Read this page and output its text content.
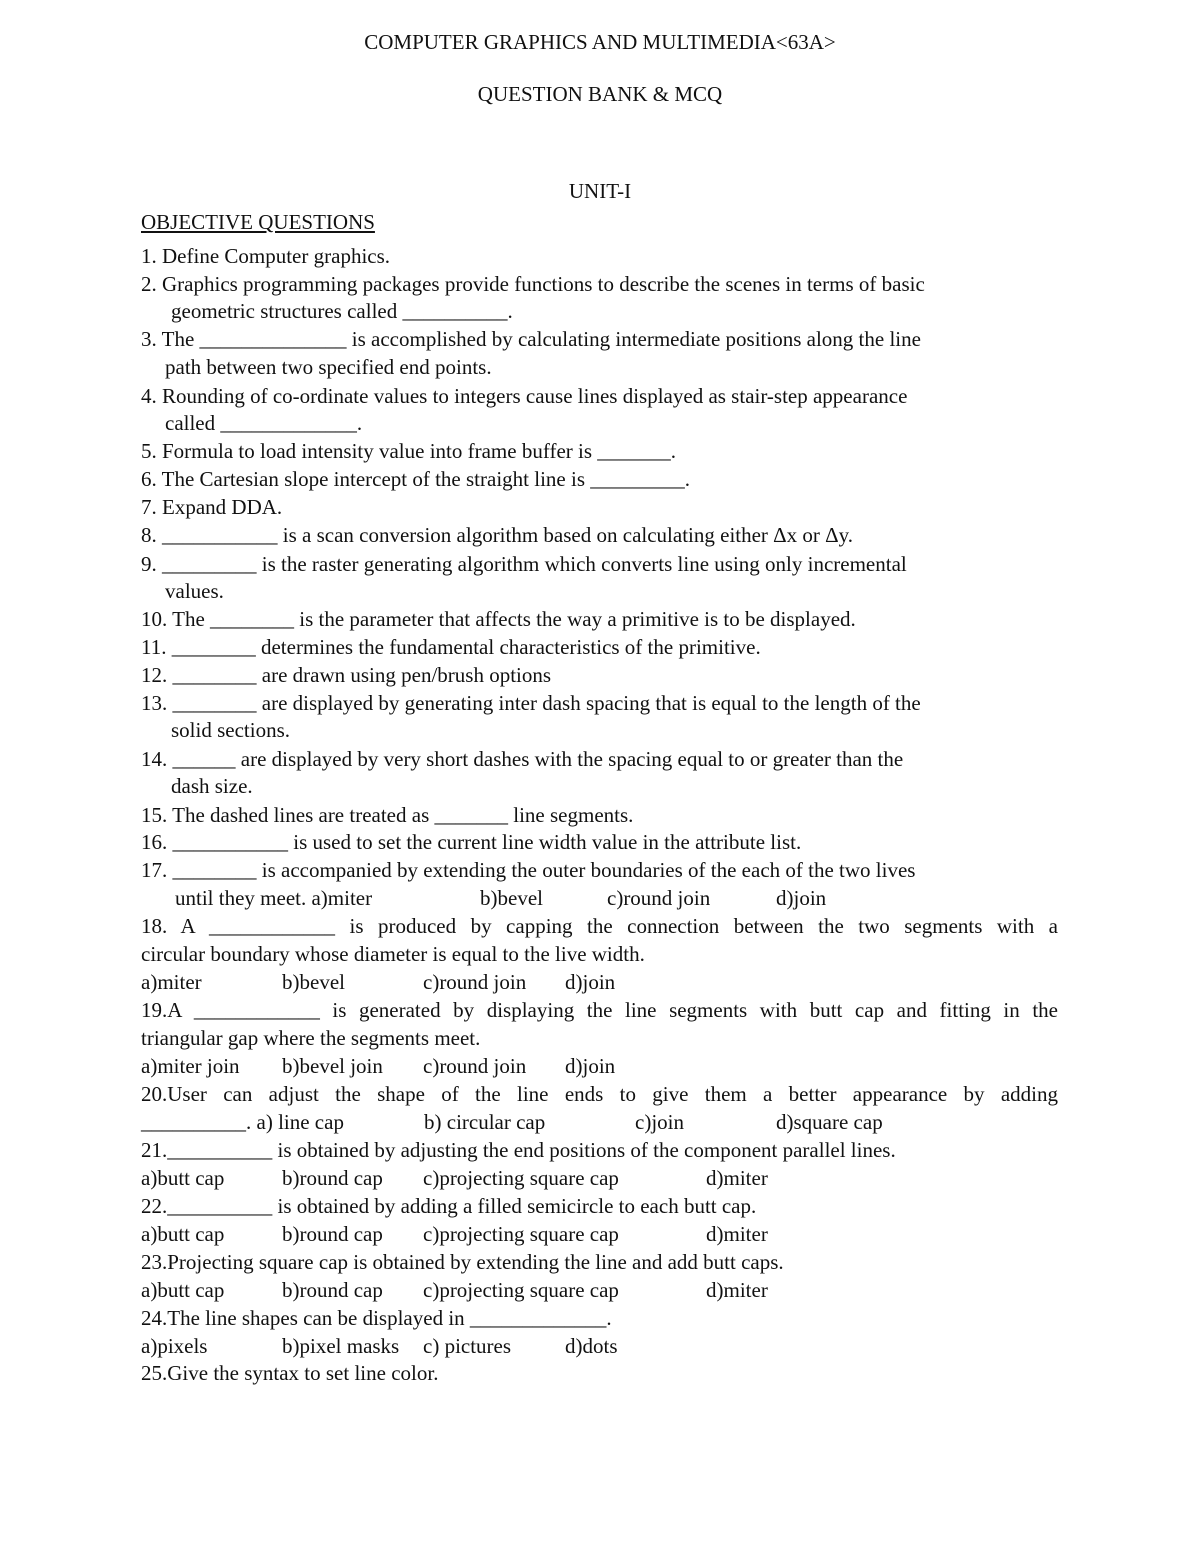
COMPUTER GRAPHICS AND MULTIMEDIA<63A>
QUESTION BANK & MCQ
UNIT-I
OBJECTIVE QUESTIONS
1. Define Computer graphics.
2. Graphics programming packages provide functions to describe the scenes in terms of basic
geometric structures called __________.
3. The ______________ is accomplished by calculating intermediate positions along the line
path between two specified end points.
4. Rounding of co-ordinate values to integers cause lines displayed as stair-step appearance
called _____________.
5. Formula to load intensity value into frame buffer is _______.
6. The Cartesian slope intercept of the straight line is _________.
7. Expand DDA.
8. ___________ is a scan conversion algorithm based on calculating either Δx or Δy.
9. _________ is the raster generating algorithm which converts line using only incremental
values.
10. The ________ is the parameter that affects the way a primitive is to be displayed.
11. ________ determines the fundamental characteristics of the primitive.
12. ________ are drawn using pen/brush options
13. ________ are displayed by generating inter dash spacing that is equal to the length of the
solid sections.
14. ______ are displayed by very short dashes with the spacing equal to or greater than the
dash size.
15. The dashed lines are treated as _______ line segments.
16. ___________ is used to set the current line width value in the attribute list.
17. ________ is accompanied by extending the outer boundaries of the each of the two lives
until they meet. a)miter	b)bevel	c)round join	d)join
18. A ____________ is produced by capping the connection between the two segments with a
circular boundary whose diameter is equal to the live width.
a)miter	b)bevel	c)round join d)join
19.A ____________ is generated by displaying the line segments with butt cap and fitting in the
triangular gap where the segments meet.
a)miter join b)bevel join c)round join d)join
20.User can adjust the shape of the line ends to give them a better appearance by adding
__________. a) line cap	b) circular cap	c)join	d)square cap
21.__________ is obtained by adjusting the end positions of the component parallel lines.
a)butt cap	b)round cap c)projecting square cap	d)miter
22.__________ is obtained by adding a filled semicircle to each butt cap.
a)butt cap	b)round cap c)projecting square cap	d)miter
23.Projecting square cap is obtained by extending the line and add butt caps.
a)butt cap	b)round cap c)projecting square cap	d)miter
24.The line shapes can be displayed in _____________.
a)pixels	b)pixel masks c) pictures	d)dots
25.Give the syntax to set line color.
